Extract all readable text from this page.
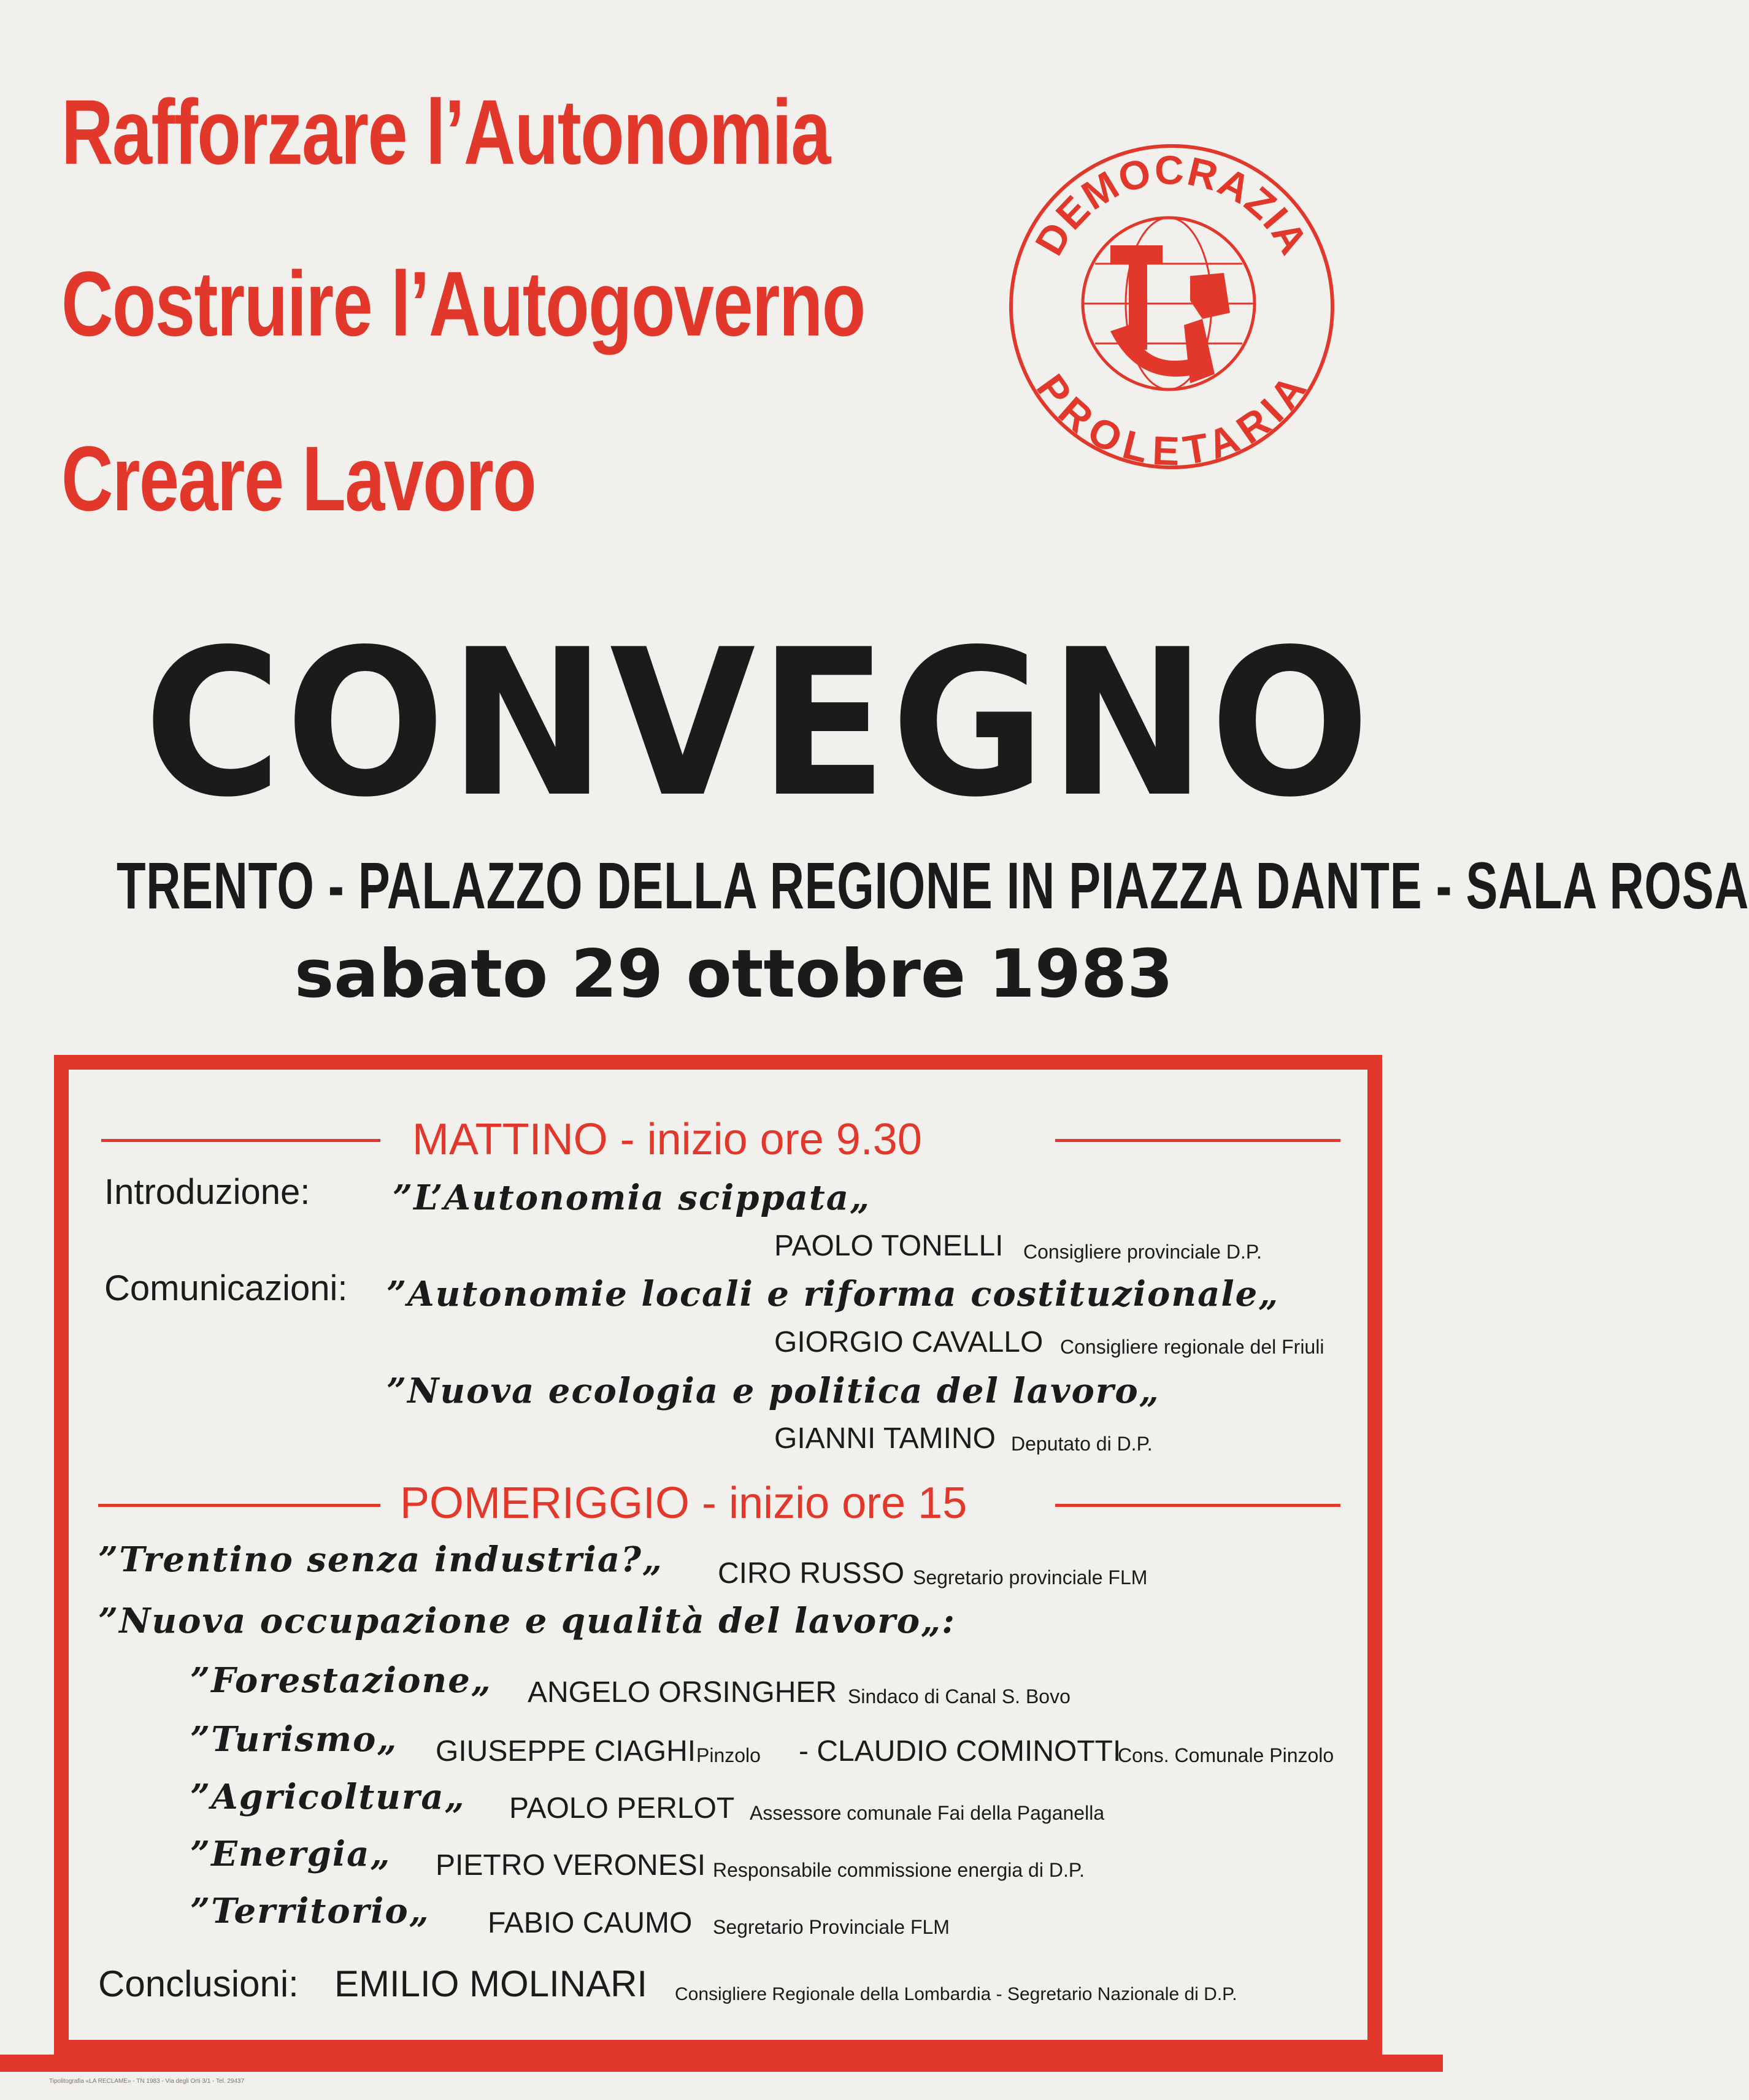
Rafforzare l’Autonomia
Costruire l’Autogoverno
Creare Lavoro
DEMOCRAZIA
PROLETARIA
CONVEGNO
TRENTO - PALAZZO DELLA REGIONE IN PIAZZA DANTE - SALA ROSA
sabato 29 ottobre 1983
MATTINO - inizio ore 9.30
Introduzione: ”L’Autonomia scippata„
PAOLO TONELLI Consigliere provinciale D.P.
Comunicazioni: ”Autonomie locali e riforma costituzionale„
GIORGIO CAVALLO Consigliere regionale del Friuli
”Nuova ecologia e politica del lavoro„
GIANNI TAMINO Deputato di D.P.
POMERIGGIO - inizio ore 15
”Trentino senza industria?„ CIRO RUSSO Segretario provinciale FLM
”Nuova occupazione e qualità del lavoro„:
”Forestazione„ ANGELO ORSINGHER Sindaco di Canal S. Bovo
”Turismo„ GIUSEPPE CIAGHI Pinzolo - CLAUDIO COMINOTTI
Cons. Comunale Pinzolo
”Agricoltura„ PAOLO PERLOT Assessore comunale Fai della Paganella
”Energia„ PIETRO VERONESI Responsabile commissione energia di D.P.
”Territorio„ FABIO CAUMO Segretario Provinciale FLM
Conclusioni: EMILIO MOLINARI Consigliere Regionale della Lombardia - Segretario Nazionale di D.P.
Tipolitografia «LA RECLAME» - TN 1983 - Via degli Orti 3/1 - Tel. 29437
